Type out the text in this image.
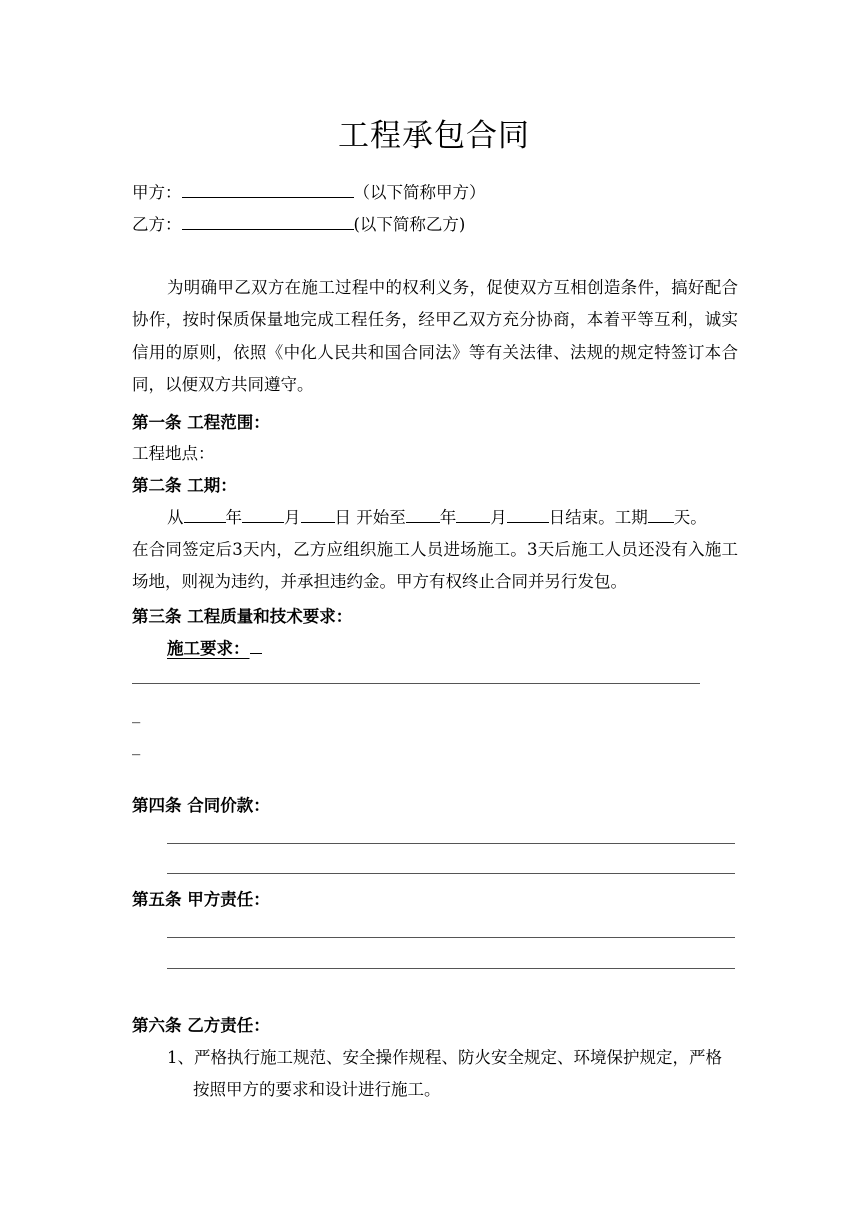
工程承包合同
甲方：	（以下简称甲方）
乙方：	(以下简称乙方)
为明确甲乙双方在施工过程中的权利义务，促使双方互相创造条件，搞好配合协作，按时保质保量地完成工程任务，经甲乙双方充分协商，本着平等互利，诚实信用的原则，依照《中化人民共和国合同法》等有关法律、法规的规定特签订本合同，以便双方共同遵守。
第一条 工程范围：
工程地点：
第二条 工期：
从	年	月 日 开始至 年 月	日结束。工期 天。
在合同签定后3天内，乙方应组织施工人员进场施工。3天后施工人员还没有入施工场地，则视为违约，并承担违约金。甲方有权终止合同并另行发包。
第三条 工程质量和技术要求：
施工要求：
_
_
第四条 合同价款：
第五条 甲方责任：
第六条 乙方责任：
1、严格执行施工规范、安全操作规程、防火安全规定、环境保护规定，严格
按照甲方的要求和设计进行施工。
